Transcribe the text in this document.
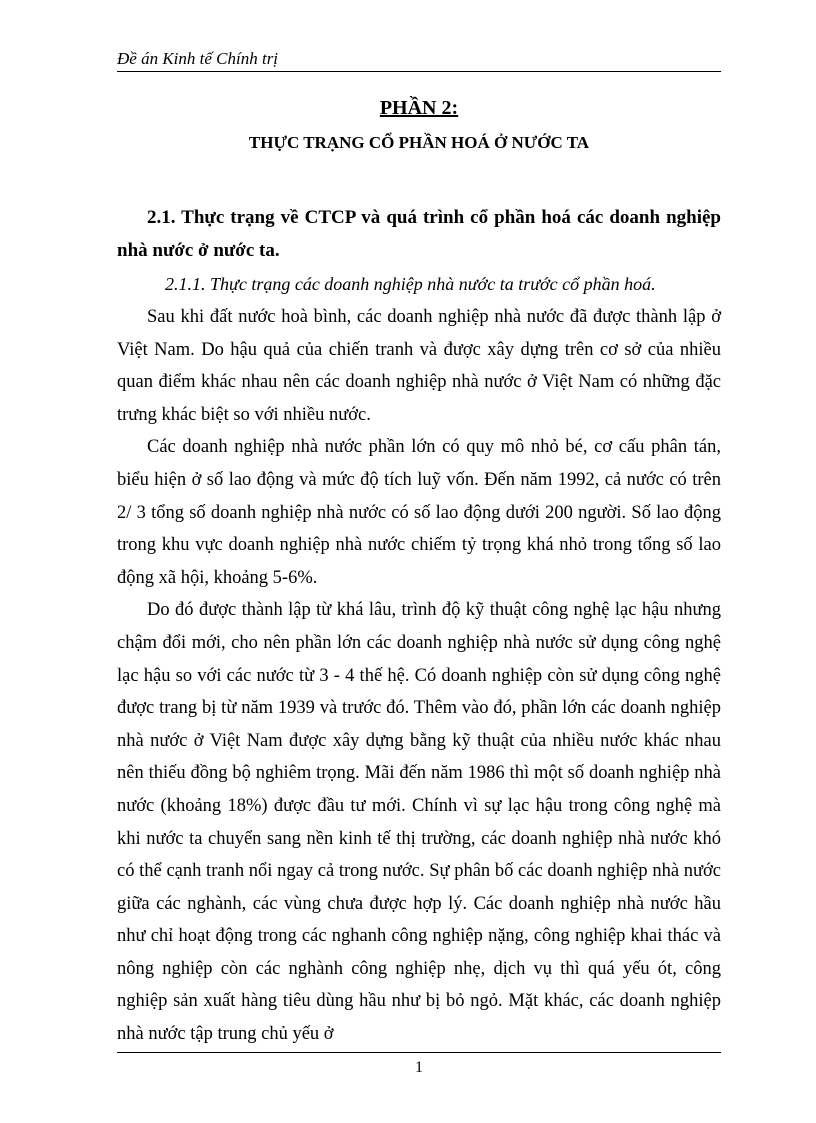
Đề án Kinh tế Chính trị

PHẦN 2:

THỰC TRẠNG CỔ PHẦN HOÁ Ở NƯỚC TA

2.1. Thực trạng về CTCP và quá trình cổ phần hoá các doanh nghiệp nhà nước ở nước ta.

2.1.1. Thực trạng các doanh nghiệp nhà nước ta trước cổ phần hoá.

Sau khi đất nước hoà bình, các doanh nghiệp nhà nước đã được thành lập ở Việt Nam. Do hậu quả của chiến tranh và được xây dựng trên cơ sở của nhiều quan điểm khác nhau nên các doanh nghiệp nhà nước ở Việt Nam có những đặc trưng khác biệt so với nhiều nước.

Các doanh nghiệp nhà nước phần lớn có quy mô nhỏ bé, cơ cấu phân tán, biểu hiện ở số lao động và mức độ tích luỹ vốn. Đến năm 1992, cả nước có trên 2/ 3 tổng số doanh nghiệp nhà nước có số lao động dưới 200 người. Số lao động trong khu vực doanh nghiệp nhà nước chiếm tỷ trọng khá nhỏ trong tổng số lao động xã hội, khoảng 5-6%.

Do đó được thành lập từ khá lâu, trình độ kỹ thuật công nghệ lạc hậu nhưng chậm đổi mới, cho nên phần lớn các doanh nghiệp nhà nước sử dụng công nghệ lạc hậu so với các nước từ 3 - 4 thế hệ. Có doanh nghiệp còn sử dụng công nghệ được trang bị từ năm 1939 và trước đó. Thêm vào đó, phần lớn các doanh nghiệp nhà nước ở Việt Nam được xây dựng bằng kỹ thuật của nhiều nước khác nhau nên thiếu đồng bộ nghiêm trọng. Mãi đến năm 1986 thì một số doanh nghiệp nhà nước (khoảng 18%) được đầu tư mới. Chính vì sự lạc hậu trong công nghệ mà khi nước ta chuyển sang nền kinh tế thị trường, các doanh nghiệp nhà nước khó có thể cạnh tranh nổi ngay cả trong nước. Sự phân bố các doanh nghiệp nhà nước giữa các nghành, các vùng chưa được hợp lý. Các doanh nghiệp nhà nước hầu như chỉ hoạt động trong các nghanh công nghiệp nặng, công nghiệp khai thác và nông nghiệp còn các nghành công nghiệp nhẹ, dịch vụ thì quá yếu ót, công nghiệp sản xuất hàng tiêu dùng hầu như bị bỏ ngỏ. Mặt khác, các doanh nghiệp nhà nước tập trung chủ yếu ở

1
